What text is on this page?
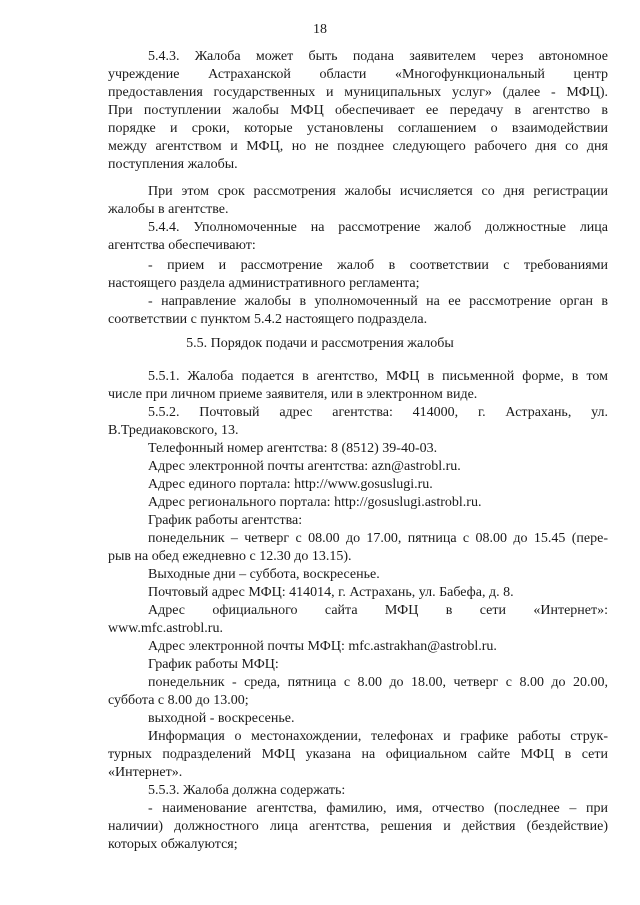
18
5.4.3. Жалоба может быть подана заявителем через автономное
учреждение Астраханской области «Многофункциональный центр
предоставления государственных и муниципальных услуг» (далее - МФЦ).
При поступлении жалобы МФЦ обеспечивает ее передачу в агентство в
порядке и сроки, которые установлены соглашением о взаимодействии
между агентством и МФЦ, но не позднее следующего рабочего дня со дня
поступления жалобы.
При этом срок рассмотрения жалобы исчисляется со дня регистрации
жалобы в агентстве.
5.4.4. Уполномоченные на рассмотрение жалоб должностные лица
агентства обеспечивают:
- прием и рассмотрение жалоб в соответствии с требованиями
настоящего раздела административного регламента;
- направление жалобы в уполномоченный на ее рассмотрение орган в
соответствии с пунктом 5.4.2 настоящего подраздела.
5.5. Порядок подачи и рассмотрения жалобы
5.5.1. Жалоба подается в агентство, МФЦ в письменной форме, в том
числе при личном приеме заявителя, или в электронном виде.
5.5.2. Почтовый адрес агентства: 414000, г. Астрахань, ул.
В.Тредиаковского, 13.
Телефонный номер агентства: 8 (8512) 39-40-03.
Адрес электронной почты агентства: azn@astrobl.ru.
Адрес единого портала: http://www.gosuslugi.ru.
Адрес регионального портала: http://gosuslugi.astrobl.ru.
График работы агентства:
понедельник – четверг с 08.00 до 17.00, пятница с 08.00 до 15.45 (пере-
рыв на обед ежедневно с 12.30 до 13.15).
Выходные дни – суббота, воскресенье.
Почтовый адрес МФЦ: 414014, г. Астрахань, ул. Бабефа, д. 8.
Адрес официального сайта МФЦ в сети «Интернет»:
www.mfc.astrobl.ru.
Адрес электронной почты МФЦ: mfc.astrakhan@astrobl.ru.
График работы МФЦ:
понедельник - среда, пятница с 8.00 до 18.00, четверг с 8.00 до 20.00,
суббота с 8.00 до 13.00;
выходной - воскресенье.
Информация о местонахождении, телефонах и графике работы струк-
турных подразделений МФЦ указана на официальном сайте МФЦ в сети
«Интернет».
5.5.3. Жалоба должна содержать:
- наименование агентства, фамилию, имя, отчество (последнее – при
наличии) должностного лица агентства, решения и действия (бездействие)
которых обжалуются;
